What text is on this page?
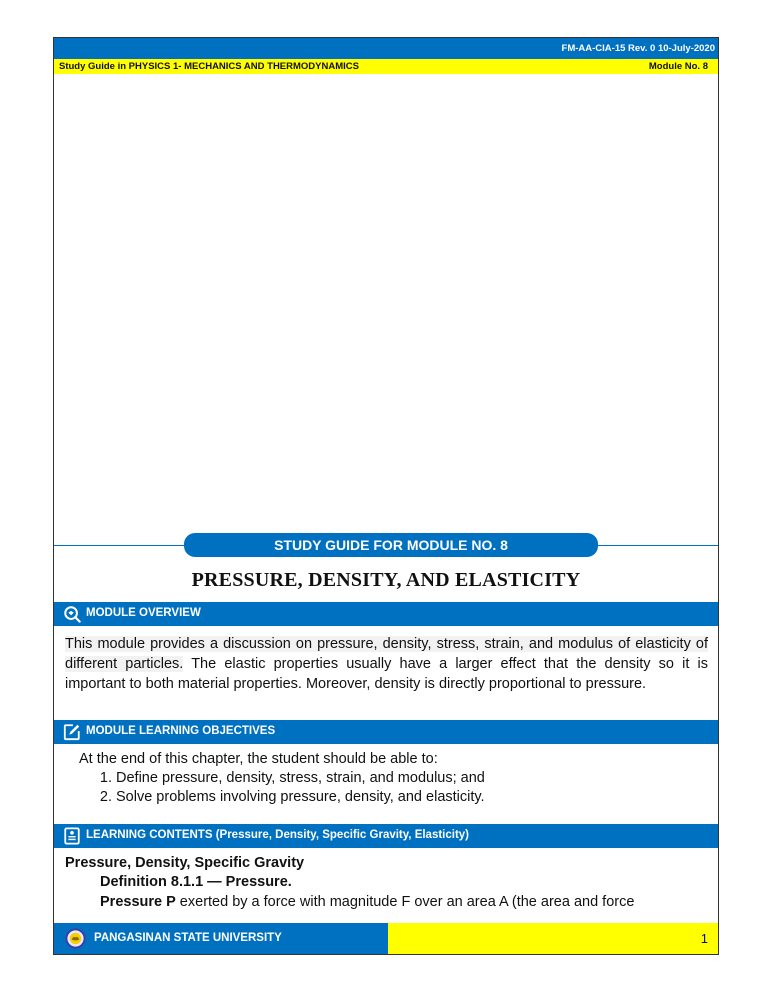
FM-AA-CIA-15 Rev. 0 10-July-2020
Study Guide in PHYSICS 1- MECHANICS AND THERMODYNAMICS	Module No. 8
STUDY GUIDE FOR MODULE NO. 8
PRESSURE, DENSITY, AND ELASTICITY
MODULE OVERVIEW
This module provides a discussion on pressure, density, stress, strain, and modulus of elasticity of different particles. The elastic properties usually have a larger effect that the density so it is important to both material properties. Moreover, density is directly proportional to pressure.
MODULE LEARNING OBJECTIVES
At the end of this chapter, the student should be able to:
1. Define pressure, density, stress, strain, and modulus; and
2. Solve problems involving pressure, density, and elasticity.
LEARNING CONTENTS (Pressure, Density, Specific Gravity, Elasticity)
Pressure, Density, Specific Gravity
Definition 8.1.1 — Pressure.
Pressure P exerted by a force with magnitude F over an area A (the area and force
PANGASINAN STATE UNIVERSITY	1
